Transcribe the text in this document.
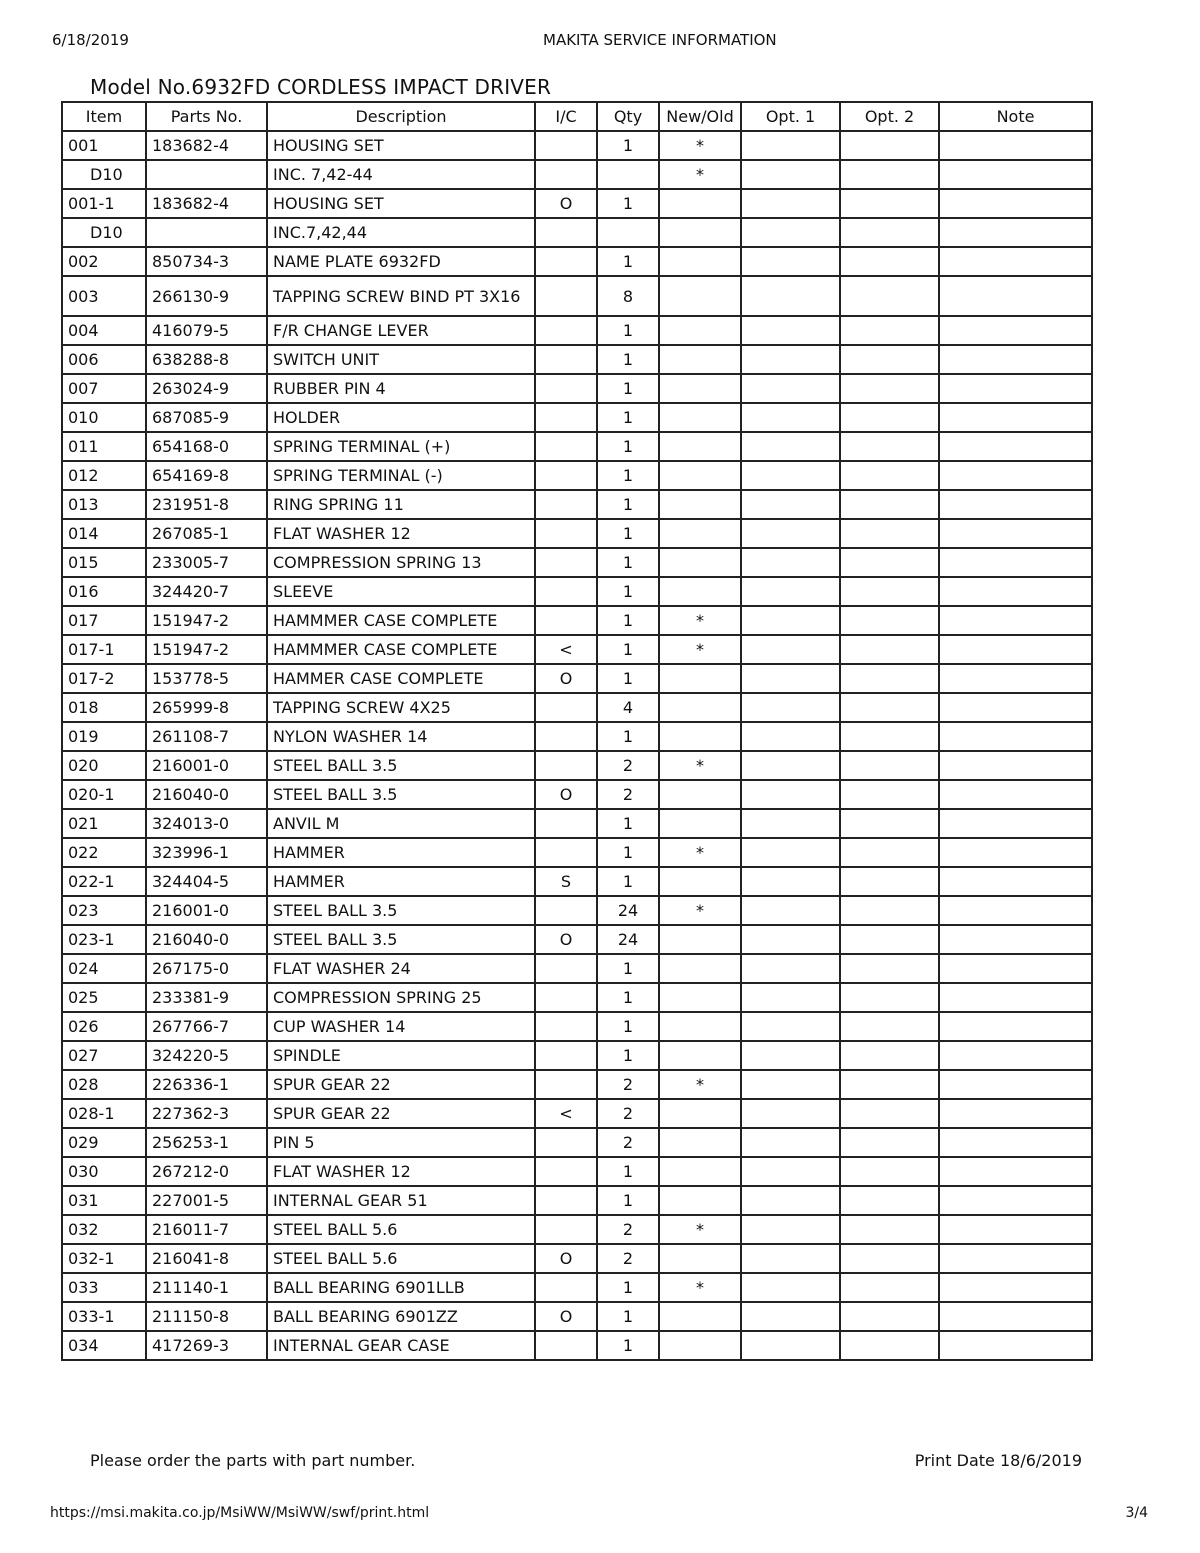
6/18/2019	MAKITA SERVICE INFORMATION
Model No.6932FD CORDLESS IMPACT DRIVER
Item	Parts No.	Description	I/C	Qty	New/Old	Opt. 1	Opt. 2	Note
001	183682-4	HOUSING SET		1	*			
D10		INC. 7,42-44			*			
001-1	183682-4	HOUSING SET	O	1				
D10		INC.7,42,44						
002	850734-3	NAME PLATE 6932FD		1				
003	266130-9	TAPPING SCREW BIND PT 3X16		8				
004	416079-5	F/R CHANGE LEVER		1				
006	638288-8	SWITCH UNIT		1				
007	263024-9	RUBBER PIN 4		1				
010	687085-9	HOLDER		1				
011	654168-0	SPRING TERMINAL (+)		1				
012	654169-8	SPRING TERMINAL (-)		1				
013	231951-8	RING SPRING 11		1				
014	267085-1	FLAT WASHER 12		1				
015	233005-7	COMPRESSION SPRING 13		1				
016	324420-7	SLEEVE		1				
017	151947-2	HAMMMER CASE COMPLETE		1	*			
017-1	151947-2	HAMMMER CASE COMPLETE	<	1	*			
017-2	153778-5	HAMMER CASE COMPLETE	O	1				
018	265999-8	TAPPING SCREW 4X25		4				
019	261108-7	NYLON WASHER 14		1				
020	216001-0	STEEL BALL 3.5		2	*			
020-1	216040-0	STEEL BALL 3.5	O	2				
021	324013-0	ANVIL M		1				
022	323996-1	HAMMER		1	*			
022-1	324404-5	HAMMER	S	1				
023	216001-0	STEEL BALL 3.5		24	*			
023-1	216040-0	STEEL BALL 3.5	O	24				
024	267175-0	FLAT WASHER 24		1				
025	233381-9	COMPRESSION SPRING 25		1				
026	267766-7	CUP WASHER 14		1				
027	324220-5	SPINDLE		1				
028	226336-1	SPUR GEAR 22		2	*			
028-1	227362-3	SPUR GEAR 22	<	2				
029	256253-1	PIN 5		2				
030	267212-0	FLAT WASHER 12		1				
031	227001-5	INTERNAL GEAR 51		1				
032	216011-7	STEEL BALL 5.6		2	*			
032-1	216041-8	STEEL BALL 5.6	O	2				
033	211140-1	BALL BEARING 6901LLB		1	*			
033-1	211150-8	BALL BEARING 6901ZZ	O	1				
034	417269-3	INTERNAL GEAR CASE		1				
Please order the parts with part number.	Print Date 18/6/2019
https://msi.makita.co.jp/MsiWW/MsiWW/swf/print.html	3/4
